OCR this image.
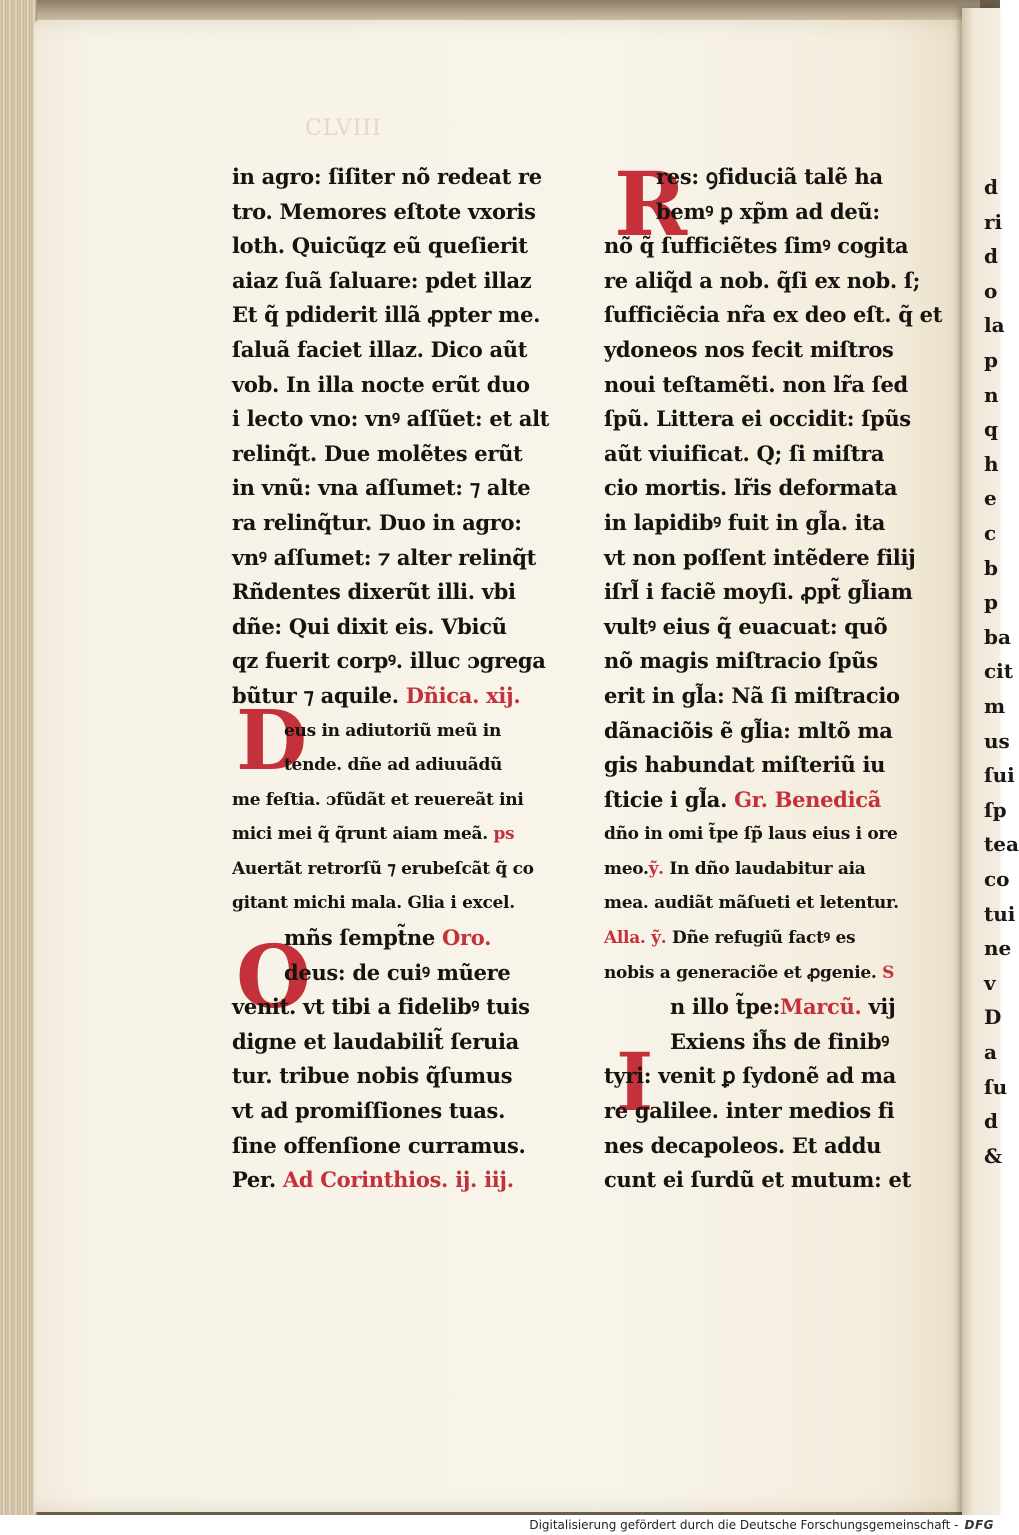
d
ri
d
o
la
p
n
q
h
e
c
b
p
ba
cit
m
us
ſui
ſp
tea
co
tui
ne
v
D
a
ſu
d
&
CLVIII
R
D
O
I
in agro: ſiſiter nõ redeat re
tro. Memores eſtote vxoris
loth. Quicũqz eũ queſierit
aiaz ſuã ſaluare: pdet illaz
Et q̃ pdiderit illã ꝓpter me.
ſaluã faciet illaz. Dico aũt
vob. In illa nocte erũt duo
i lecto vno: vnꝰ aſſũet: et alt
relinq̃t. Due molẽtes erũt
in vnũ: vna aſſumet: ⁊ alte
ra relinq̃tur. Duo in agro:
vnꝰ aſſumet: ⁊ alter relinq̃t
Rñdentes dixerũt illi. vbi
dñe: Qui dixit eis. Vbicũ
qz fuerit corpꝰ. illuc ɔgrega
bũtur ⁊ aquile. Dñica. xij.
eus in adiutoriũ meũ in
tende. dñe ad adiuuãdũ
me feſtia. ɔfũdãt et reuereãt ini
mici mei q̃ q̃runt aiam meã. ps
Auertãt retrorſũ ⁊ erubeſcãt q̃ co
gitant michi mala. Glia i excel.
mñs ſempt̃ne Oro.
deus: de cuiꝰ mũere
venit. vt tibi a fidelibꝰ tuis
digne et laudabilit̃ ſeruia
tur. tribue nobis q̃ſumus
vt ad promiſſiones tuas.
ſine offenſione curramus.
Per. Ad Corinthios. ij. iij.
res: ꝯfiduciã talẽ ha
bemꝰ ꝑ xp̃m ad deũ:
nõ q̃ ſufficiẽtes ſimꝰ cogita
re aliq̃d a nob. q̃ſi ex nob. ſ;
ſufficiẽcia nr̃a ex deo eſt. q̃ et
ydoneos nos fecit miſtros
noui teſtamẽti. non lr̃a ſed
ſpũ. Littera ei occidit: ſpũs
aũt viuificat. Q; ſi miſtra
cio mortis. lr̃is deformata
in lapidibꝰ fuit in gl̃a. ita
vt non poſſent intẽdere filij
iſrl̃ i faciẽ moyſi. ꝓpt̃ gl̃iam
vultꝰ eius q̃ euacuat: quõ
nõ magis miſtracio ſpũs
erit in gl̃a: Nã ſi miſtracio
dãnaciõis ẽ gl̃ia: mltõ ma
gis habundat miſteriũ iu
ſticie i gl̃a. Gr. Benedicã
dño in omi t̃pe ſp̃ laus eius i ore
meo.ỹ. In dño laudabitur aia
mea. audiãt mãſueti et letentur.
Alla. ỹ. Dñe refugiũ factꝰ es
nobis a generaciõe et ꝓgenie. S
n illo t̃pe:Marcũ. vij
Exiens ih̃s de finibꝰ
tyri: venit ꝑ ſydonẽ ad ma
re galilee. inter medios fi
nes decapoleos. Et addu
cunt ei ſurdũ et mutum: et
Digitalisierung gefördert durch die Deutsche Forschungsgemeinschaft - DFG
